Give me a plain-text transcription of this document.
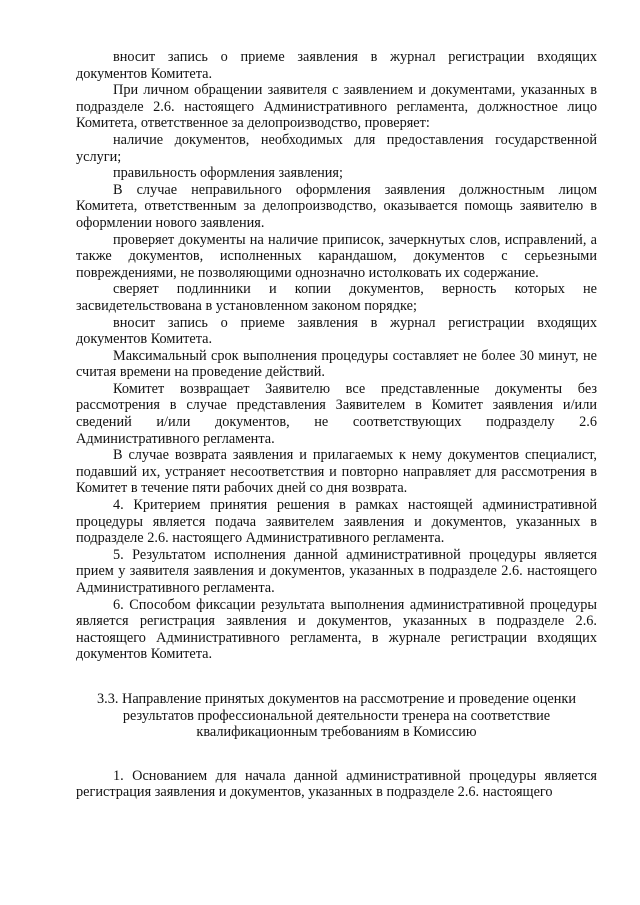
вносит запись о приеме заявления в журнал регистрации входящих документов Комитета.

При личном обращении заявителя с заявлением и документами, указанных в подразделе 2.6. настоящего Административного регламента, должностное лицо Комитета, ответственное за делопроизводство, проверяет:

наличие документов, необходимых для предоставления государственной услуги;

правильность оформления заявления;

В случае неправильного оформления заявления должностным лицом Комитета, ответственным за делопроизводство, оказывается помощь заявителю в оформлении нового заявления.

проверяет документы на наличие приписок, зачеркнутых слов, исправлений, а также документов, исполненных карандашом, документов с серьезными повреждениями, не позволяющими однозначно истолковать их содержание.

сверяет подлинники и копии документов, верность которых не засвидетельствована в установленном законом порядке;

вносит запись о приеме заявления в журнал регистрации входящих документов Комитета.

Максимальный срок выполнения процедуры составляет не более 30 минут, не считая времени на проведение действий.

Комитет возвращает Заявителю все представленные документы без рассмотрения в случае представления Заявителем в Комитет заявления и/или сведений и/или документов, не соответствующих подразделу 2.6 Административного регламента.

В случае возврата заявления и прилагаемых к нему документов специалист, подавший их, устраняет несоответствия и повторно направляет для рассмотрения в Комитет в течение пяти рабочих дней со дня возврата.

4. Критерием принятия решения в рамках настоящей административной процедуры является подача заявителем заявления и документов, указанных в подразделе 2.6. настоящего Административного регламента.

5. Результатом исполнения данной административной процедуры является прием у заявителя заявления и документов, указанных в подразделе 2.6. настоящего Административного регламента.

6. Способом фиксации результата выполнения административной процедуры является регистрация заявления и документов, указанных в подразделе 2.6. настоящего Административного регламента, в журнале регистрации входящих документов Комитета.

3.3. Направление принятых документов на рассмотрение и проведение оценки результатов профессиональной деятельности тренера на соответствие квалификационным требованиям в Комиссию

1. Основанием для начала данной административной процедуры является регистрация заявления и документов, указанных в подразделе 2.6. настоящего
